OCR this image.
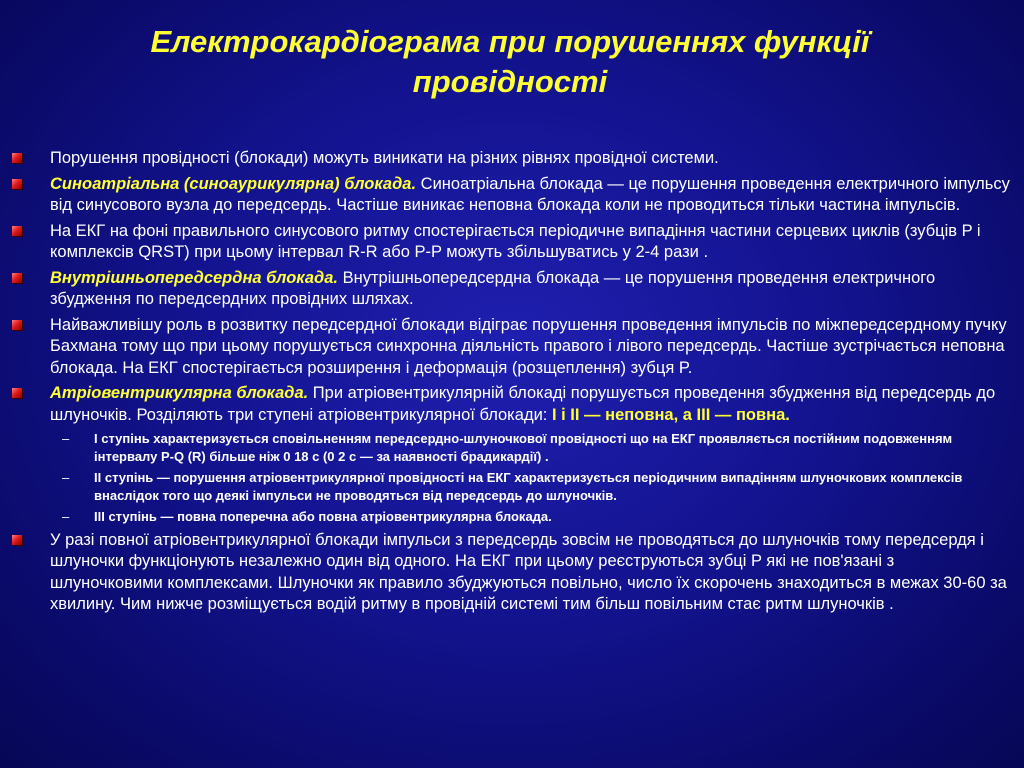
Електрокардіограма при порушеннях функції провідності
Порушення провідності (блокади) можуть виникати на різних рівнях провідної системи.
Синоатріальна (синоаурикулярна) блокада. Синоатріальна блокада — це порушення проведення електричного імпульсу від синусового вузла до передсердь. Частіше виникає неповна блокада коли не проводиться тільки частина імпульсів.
На ЕКГ на фоні правильного синусового ритму спостерігається періодичне випадіння частини серцевих циклів (зубців P і комплексів QRST) при цьому інтервал R-R або P-P можуть збільшуватись у 2-4 рази .
Внутрішньопередсердна блокада. Внутрішньопередсердна блокада — це порушення проведення електричного збудження по передсердних провідних шляхах.
Найважливішу роль в розвитку передсердної блокади відіграє порушення проведення імпульсів по міжпередсердному пучку Бахмана тому що при цьому порушується синхронна діяльність правого і лівого передсердь. Частіше зустрічається неповна блокада. На ЕКГ спостерігається розширення і деформація (розщеплення) зубця P.
Атріовентрикулярна блокада. При атріовентрикулярній блокаді порушується проведення збудження від передсердь до шлуночків. Розділяють три ступені атріовентрикулярної блокади: I і II — неповна, а III — повна.
– I ступінь характеризується сповільненням передсердно-шлуночкової провідності що на ЕКГ проявляється постійним подовженням інтервалу P-Q (R) більше ніж 0 18 с (0 2 с — за наявності брадикардії) .
– II ступінь — порушення атріовентрикулярної провідності на ЕКГ характеризується періодичним випадінням шлуночкових комплексів внаслідок того що деякі імпульси не проводяться від передсердь до шлуночків.
– III ступінь — повна поперечна або повна атріовентрикулярна блокада.
У разі повної атріовентрикулярної блокади імпульси з передсердь зовсім не проводяться до шлуночків тому передсердя і шлуночки функціонують незалежно один від одного. На ЕКГ при цьому реєструються зубці P які не пов'язані з шлуночковими комплексами. Шлуночки як правило збуджуються повільно, число їх скорочень знаходиться в межах 30-60 за хвилину. Чим нижче розміщується водій ритму в провідній системі тим більш повільним стає ритм шлуночків .
